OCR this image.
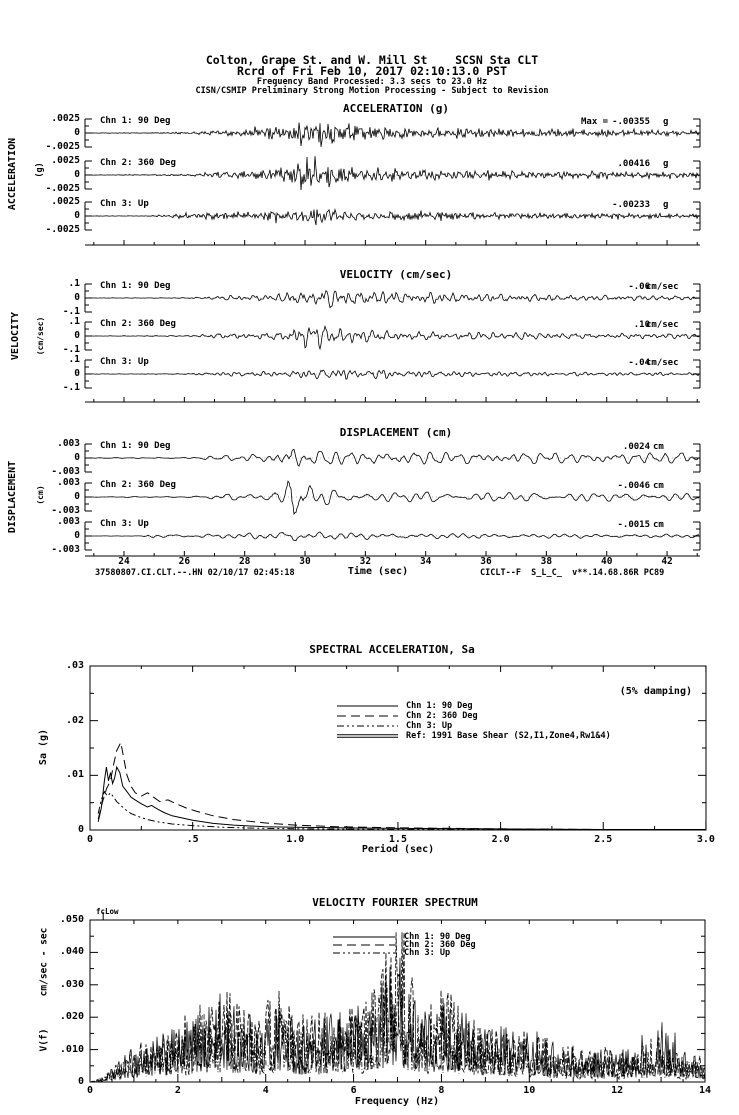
Colton, Grape St. and W. Mill St    SCSN Sta CLT
Rcrd of Fri Feb 10, 2017 02:10:13.0 PST
Frequency Band Processed: 3.3 secs to 23.0 Hz
CISN/CSMIP Preliminary Strong Motion Processing - Subject to Revision
ACCELERATION (g)
VELOCITY (cm/sec)
DISPLACEMENT (cm)
ACCELERATION (g)
VELOCITY (cm/sec)
DISPLACEMENT (cm)
Time (sec)
37580807.CI.CLT.--.HN 02/10/17 02:45:18	CICLT--F  S_L_C_  v**.14.68.86R PC89
SPECTRAL ACCELERATION, Sa
(5% damping)
Sa (g)
Period (sec)
VELOCITY FOURIER SPECTRUM
fcLow
cm/sec - sec
V(f)
Frequency (Hz)
.0025
0
-.0025
Chn 1: 90 Deg	Max = -.00355 g
.0025
0
-.0025
Chn 2: 360 Deg	.00416 g
.0025
0
-.0025
Chn 3: Up	-.00233 g
.1
0
-.1
Chn 1: 90 Deg	-.06
cm/sec
.1
0
-.1
Chn 2: 360 Deg	.10
cm/sec
.1
0
-.1
Chn 3: Up	-.04
cm/sec
.003
0
-.003
Chn 1: 90 Deg	.0024 cm
.003
0
-.003
Chn 2: 360 Deg	-.0046 cm
.003
0
-.003
Chn 3: Up	-.0015 cm
24	26	28	30	32	34	36	38	40	42
.03
.02
.01
0
0	.5	1.0	1.5	2.0	2.5	3.0
Chn 1: 90 Deg
Chn 2: 360 Deg
Chn 3: Up
Ref: 1991 Base Shear (S2,I1,Zone4,Rw1&4)
.050
.040
.030
.020
.010
0
0	2	4	6	8	10	12	14
Chn 1: 90 Deg
Chn 2: 360 Deg
Chn 3: Up
